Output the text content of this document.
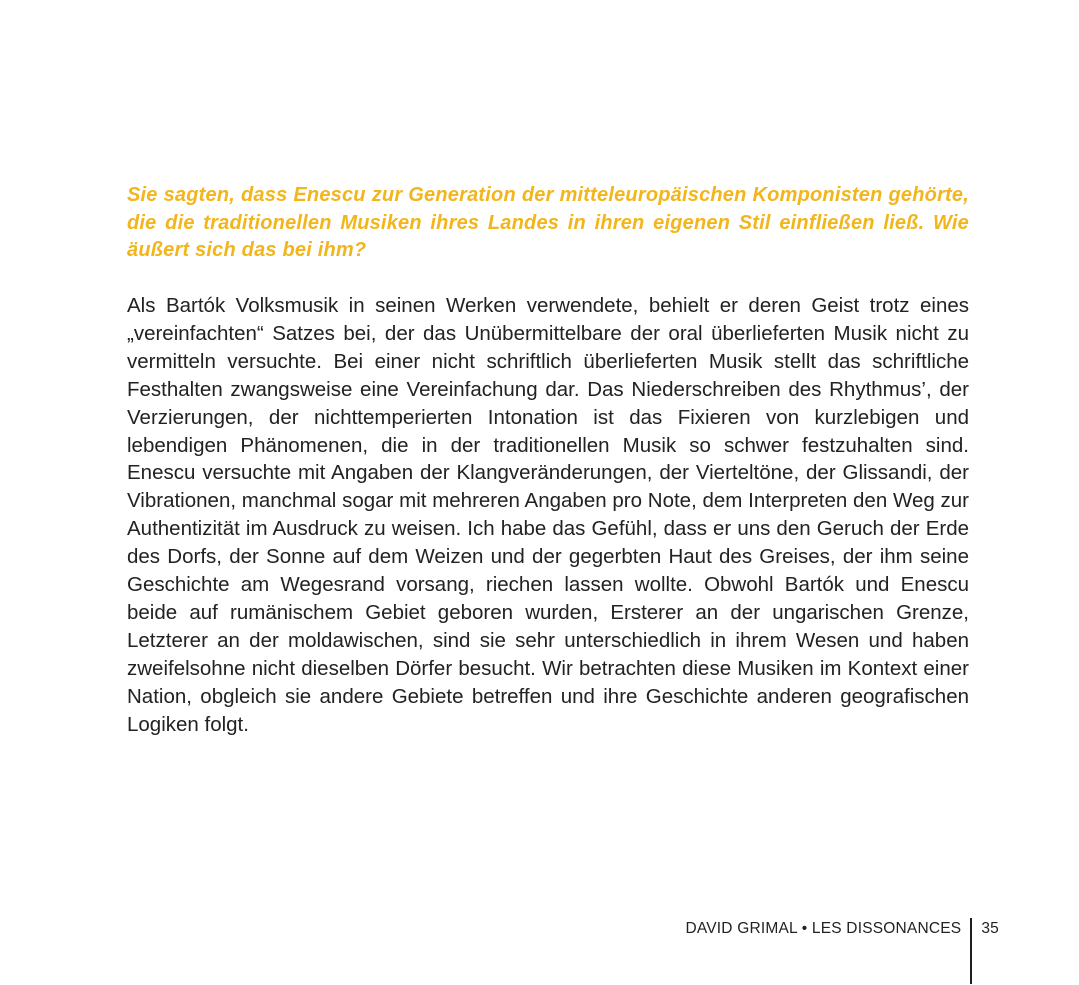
Sie sagten, dass Enescu zur Generation der mitteleuropäischen Komponisten gehörte, die die traditionellen Musiken ihres Landes in ihren eigenen Stil einfließen ließ. Wie äußert sich das bei ihm?

Als Bartók Volksmusik in seinen Werken verwendete, behielt er deren Geist trotz eines „vereinfachten“ Satzes bei, der das Unübermittelbare der oral überlieferten Musik nicht zu vermitteln versuchte. Bei einer nicht schriftlich überlieferten Musik stellt das schriftliche Festhalten zwangsweise eine Vereinfachung dar. Das Niederschreiben des Rhythmus’, der Verzierungen, der nichttemperierten Intonation ist das Fixieren von kurzlebigen und lebendigen Phänomenen, die in der traditionellen Musik so schwer festzuhalten sind. Enescu versuchte mit Angaben der Klangveränderungen, der Vierteltöne, der Glissandi, der Vibrationen, manchmal sogar mit mehreren Angaben pro Note, dem Interpreten den Weg zur Authentizität im Ausdruck zu weisen. Ich habe das Gefühl, dass er uns den Geruch der Erde des Dorfs, der Sonne auf dem Weizen und der gegerbten Haut des Greises, der ihm seine Geschichte am Wegesrand vorsang, riechen lassen wollte. Obwohl Bartók und Enescu beide auf rumänischem Gebiet geboren wurden, Ersterer an der ungarischen Grenze, Letzterer an der moldawischen, sind sie sehr unterschiedlich in ihrem Wesen und haben zweifelsohne nicht dieselben Dörfer besucht. Wir betrachten diese Musiken im Kontext einer Nation, obgleich sie andere Gebiete betreffen und ihre Geschichte anderen geografischen Logiken folgt.

DAVID GRIMAL • LES DISSONANCES	35
